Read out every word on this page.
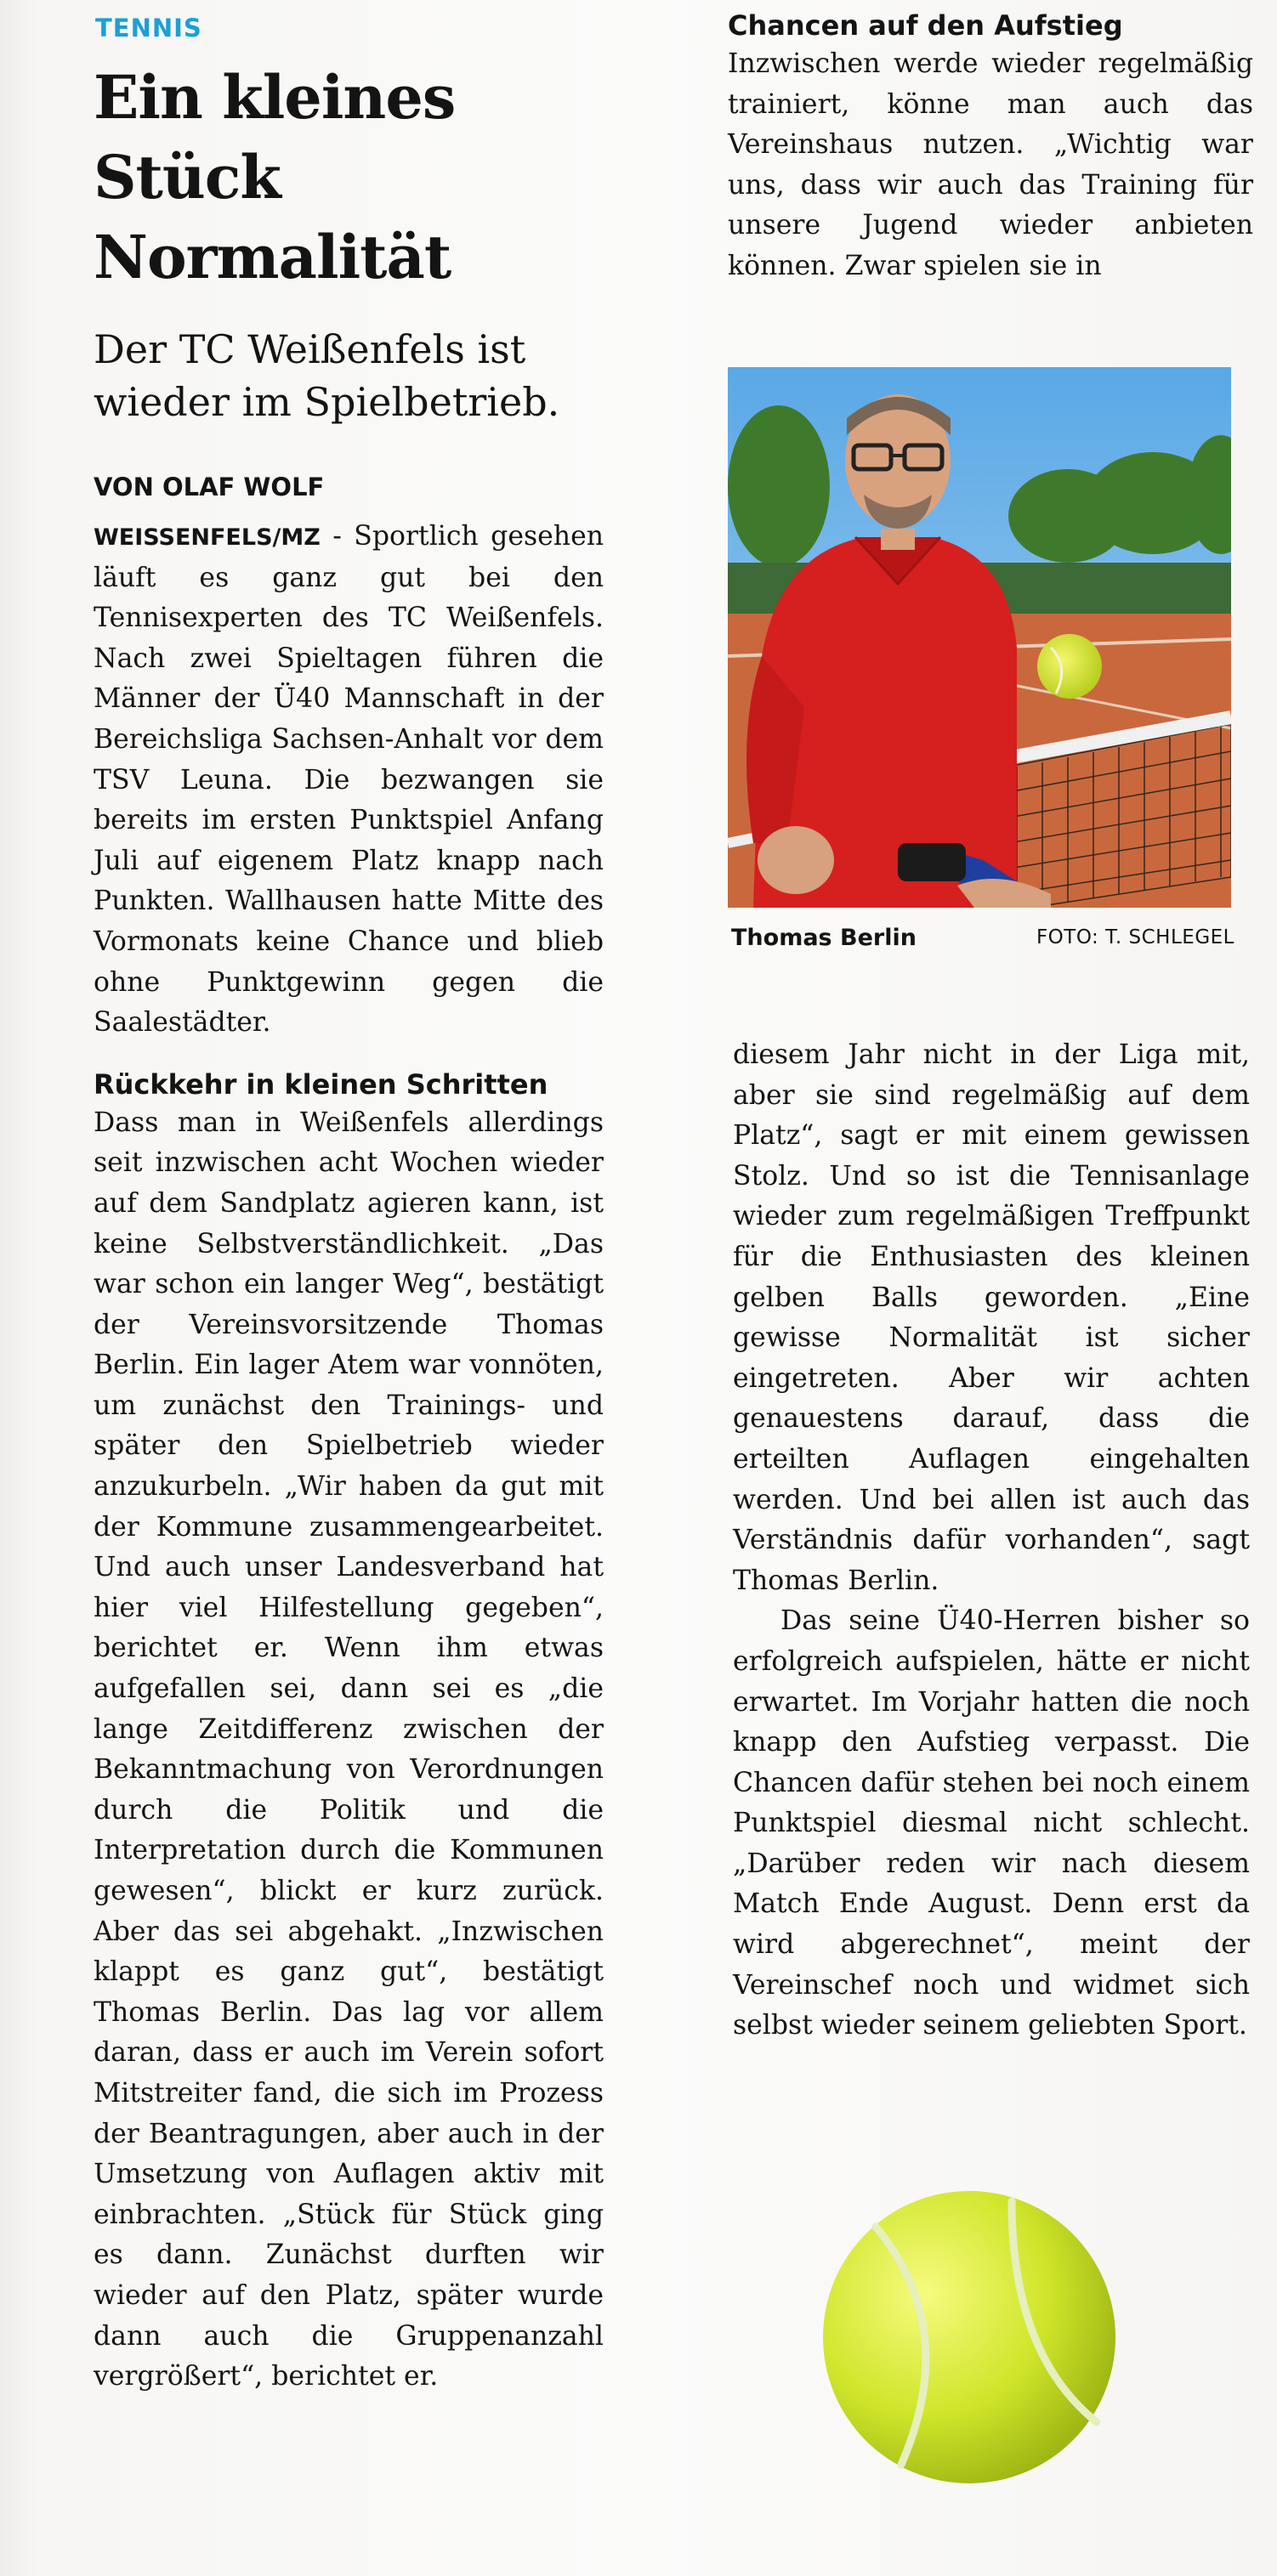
TENNIS
Ein kleines Stück Normalität
Der TC Weißenfels ist wieder im Spielbetrieb.
VON OLAF WOLF

WEISSENFELS/MZ - Sportlich gesehen läuft es ganz gut bei den Tennisexperten des TC Weißenfels. Nach zwei Spieltagen führen die Männer der Ü40 Mannschaft in der Bereichsliga Sachsen-Anhalt vor dem TSV Leuna. Die bezwangen sie bereits im ersten Punktspiel Anfang Juli auf eigenem Platz knapp nach Punkten. Wallhausen hatte Mitte des Vormonats keine Chance und blieb ohne Punktgewinn gegen die Saalestädter.

Rückkehr in kleinen Schritten

Dass man in Weißenfels allerdings seit inzwischen acht Wochen wieder auf dem Sandplatz agieren kann, ist keine Selbstverständlichkeit. „Das war schon ein langer Weg“, bestätigt der Vereinsvorsitzende Thomas Berlin. Ein lager Atem war vonnöten, um zunächst den Trainings- und später den Spielbetrieb wieder anzukurbeln. „Wir haben da gut mit der Kommune zusammengearbeitet. Und auch unser Landesverband hat hier viel Hilfestellung gegeben“, berichtet er. Wenn ihm etwas aufgefallen sei, dann sei es „die lange Zeitdifferenz zwischen der Bekanntmachung von Verordnungen durch die Politik und die Interpretation durch die Kommunen gewesen“, blickt er kurz zurück. Aber das sei abgehakt. „Inzwischen klappt es ganz gut“, bestätigt Thomas Berlin. Das lag vor allem daran, dass er auch im Verein sofort Mitstreiter fand, die sich im Prozess der Beantragungen, aber auch in der Umsetzung von Auflagen aktiv mit einbrachten. „Stück für Stück ging es dann. Zunächst durften wir wieder auf den Platz, später wurde dann auch die Gruppenanzahl vergrößert“, berichtet er.

Chancen auf den Aufstieg

Inzwischen werde wieder regelmäßig trainiert, könne man auch das Vereinshaus nutzen. „Wichtig war uns, dass wir auch das Training für unsere Jugend wieder anbieten können. Zwar spielen sie in

Thomas Berlin	FOTO: T. SCHLEGEL

diesem Jahr nicht in der Liga mit, aber sie sind regelmäßig auf dem Platz“, sagt er mit einem gewissen Stolz. Und so ist die Tennisanlage wieder zum regelmäßigen Treffpunkt für die Enthusiasten des kleinen gelben Balls geworden. „Eine gewisse Normalität ist sicher eingetreten. Aber wir achten genauestens darauf, dass die erteilten Auflagen eingehalten werden. Und bei allen ist auch das Verständnis dafür vorhanden“, sagt Thomas Berlin.

Das seine Ü40-Herren bisher so erfolgreich aufspielen, hätte er nicht erwartet. Im Vorjahr hatten die noch knapp den Aufstieg verpasst. Die Chancen dafür stehen bei noch einem Punktspiel diesmal nicht schlecht. „Darüber reden wir nach diesem Match Ende August. Denn erst da wird abgerechnet“, meint der Vereinschef noch und widmet sich selbst wieder seinem geliebten Sport.
